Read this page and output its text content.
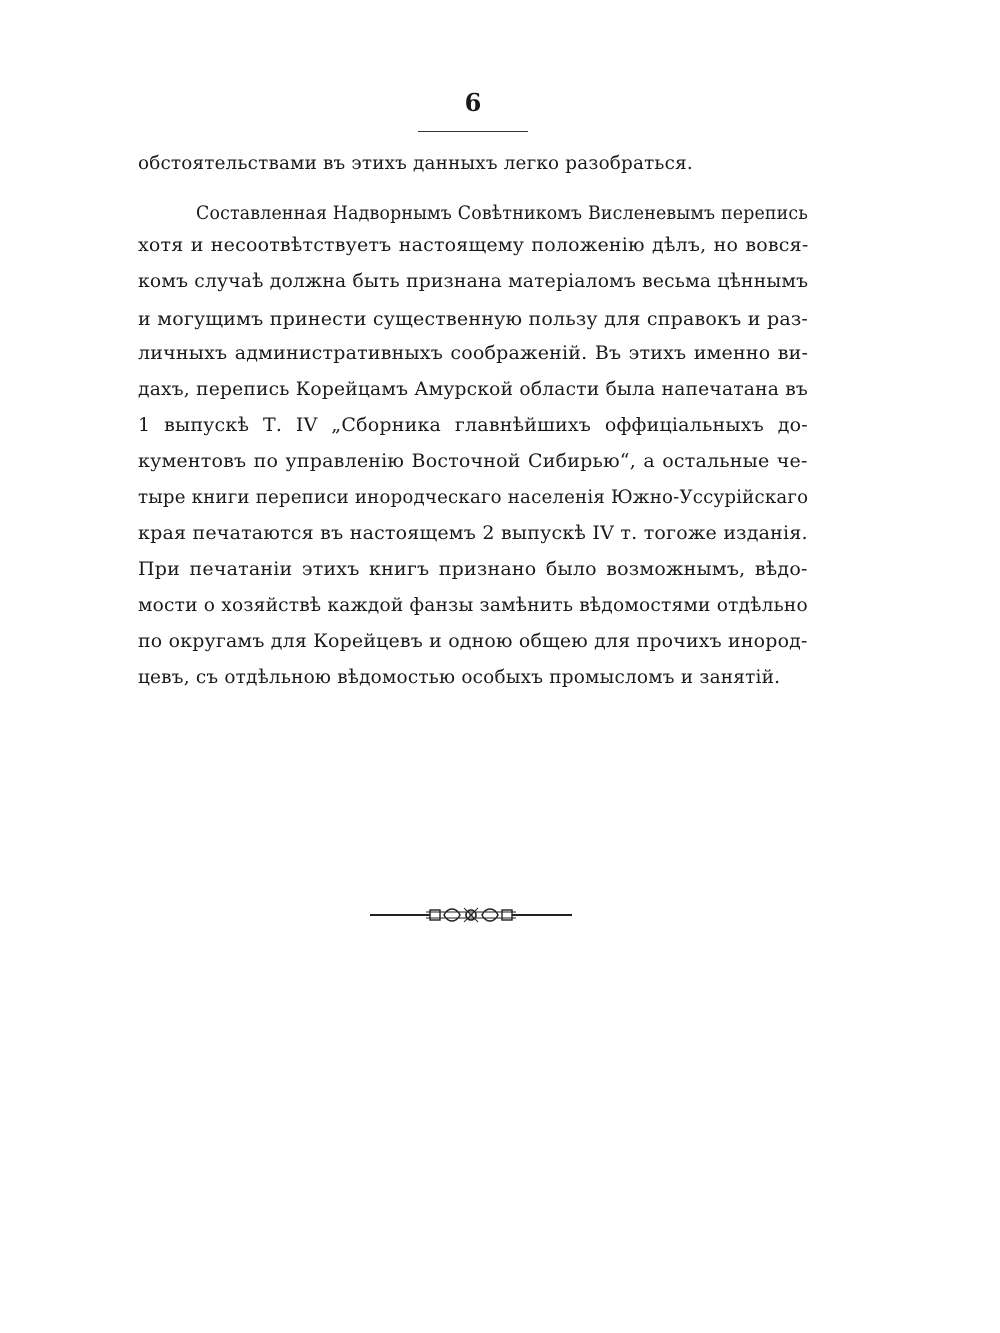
6
обстоятельствами въ этихъ данныхъ легко разобраться.
Составленная Надворнымъ Совѣтникомъ Висленевымъ перепись
хотя и несоотвѣтствуетъ настоящему положенію дѣлъ, но вовся-
комъ случаѣ должна быть признана матеріаломъ весьма цѣннымъ
и могущимъ принести существенную пользу для справокъ и раз-
личныхъ административныхъ соображеній. Въ этихъ именно ви-
дахъ, перепись Корейцамъ Амурской области была напечатана въ
1 выпускѣ Т. IV „Сборника главнѣйшихъ оффиціальныхъ до-
кументовъ по управленію Восточной Сибирью“, а остальные че-
тыре книги переписи инородческаго населенія Южно-Уссурійскаго
края печатаются въ настоящемъ 2 выпускѣ IV т. тогоже изданія.
При печатаніи этихъ книгъ признано было возможнымъ, вѣдо-
мости о хозяйствѣ каждой фанзы замѣнить вѣдомостями отдѣльно
по округамъ для Корейцевъ и одною общею для прочихъ инород-
цевъ, съ отдѣльною вѣдомостью особыхъ промысломъ и занятій.
